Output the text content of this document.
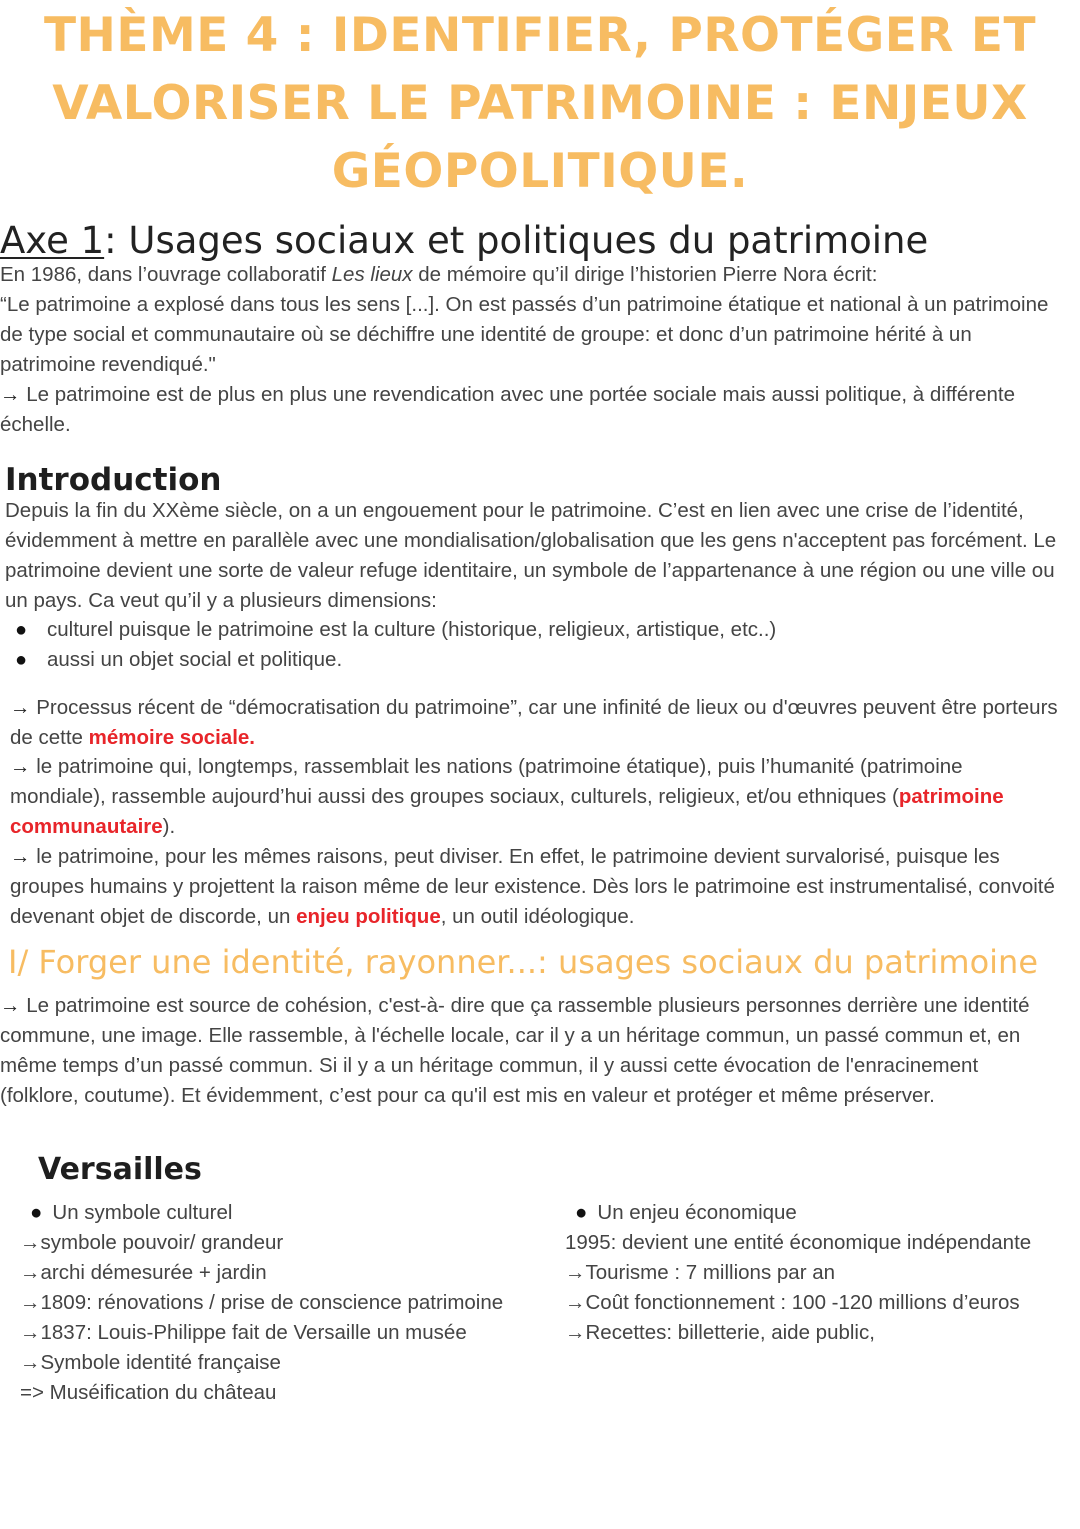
THÈME 4 : IDENTIFIER, PROTÉGER ET
VALORISER LE PATRIMOINE : ENJEUX
GÉOPOLITIQUE.
Axe 1: Usages sociaux et politiques du patrimoine

En 1986, dans l’ouvrage collaboratif Les lieux de mémoire qu’il dirige l’historien Pierre Nora écrit:

“Le patrimoine a explosé dans tous les sens [...]. On est passés d’un patrimoine étatique et national à un patrimoine de type social et communautaire où se déchiffre une identité de groupe: et donc d’un patrimoine hérité à un patrimoine revendiqué."

→ Le patrimoine est de plus en plus une revendication avec une portée sociale mais aussi politique, à différente échelle.

Introduction

Depuis la fin du XXème siècle, on a un engouement pour le patrimoine. C’est en lien avec une crise de l’identité, évidemment à mettre en parallèle avec une mondialisation/globalisation que les gens n'acceptent pas forcément. Le patrimoine devient une sorte de valeur refuge identitaire, un symbole de l’appartenance à une région ou une ville ou un pays. Ca veut qu’il y a plusieurs dimensions:

● culturel puisque le patrimoine est la culture (historique, religieux, artistique, etc..)
● aussi un objet social et politique.

→ Processus récent de “démocratisation du patrimoine”, car une infinité de lieux ou d'œuvres peuvent être porteurs de cette mémoire sociale.

→ le patrimoine qui, longtemps, rassemblait les nations (patrimoine étatique), puis l’humanité (patrimoine mondiale), rassemble aujourd’hui aussi des groupes sociaux, culturels, religieux, et/ou ethniques (patrimoine communautaire).

→ le patrimoine, pour les mêmes raisons, peut diviser. En effet, le patrimoine devient survalorisé, puisque les groupes humains y projettent la raison même de leur existence. Dès lors le patrimoine est instrumentalisé, convoité devenant objet de discorde, un enjeu politique, un outil idéologique.

I/ Forger une identité, rayonner...: usages sociaux du patrimoine

→ Le patrimoine est source de cohésion, c'est-à- dire que ça rassemble plusieurs personnes derrière une identité commune, une image. Elle rassemble, à l'échelle locale, car il y a un héritage commun, un passé commun et, en même temps d’un passé commun. Si il y a un héritage commun, il y aussi cette évocation de l'enracinement (folklore, coutume). Et évidemment, c’est pour ca qu'il est mis en valeur et protéger et même préserver.

Versailles
● Un symbole culturel
→symbole pouvoir/ grandeur
→archi démesurée + jardin
→1809: rénovations / prise de conscience patrimoine
→1837: Louis-Philippe fait de Versaille un musée
→Symbole identité française
=> Muséification du château
● Un enjeu économique
1995: devient une entité économique indépendante
→Tourisme : 7 millions par an
→Coût fonctionnement : 100 -120 millions d’euros
→Recettes: billetterie, aide public,
